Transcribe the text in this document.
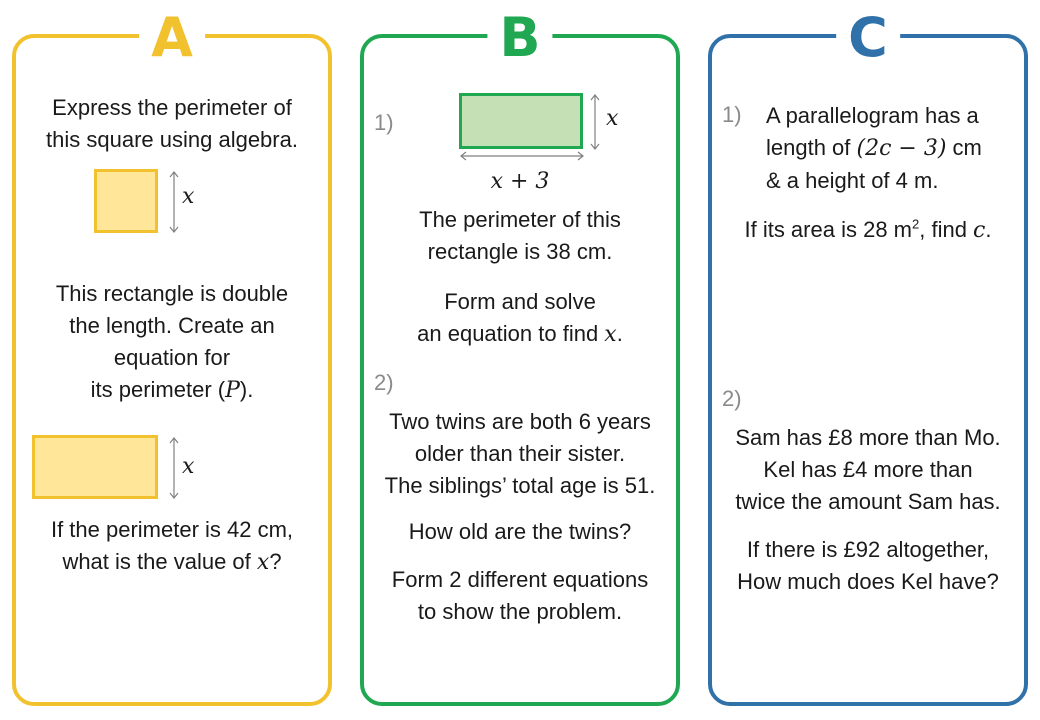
A
Express the perimeter of
this square using algebra.
x
This rectangle is double
the length. Create an
equation for
its perimeter (P).
x
If the perimeter is 42 cm,
what is the value of x?
B
1)	x
x + 3
The perimeter of this
rectangle is 38 cm.
Form and solve
an equation to find x.
2)
Two twins are both 6 years
older than their sister.
The siblings’ total age is 51.
How old are the twins?
Form 2 different equations
to show the problem.
C
1) A parallelogram has a
length of (2c − 3) cm
& a height of 4 m.
If its area is 28 $m^2$, find c.
2)
Sam has £8 more than Mo.
Kel has £4 more than
twice the amount Sam has.
If there is £92 altogether,
How much does Kel have?
